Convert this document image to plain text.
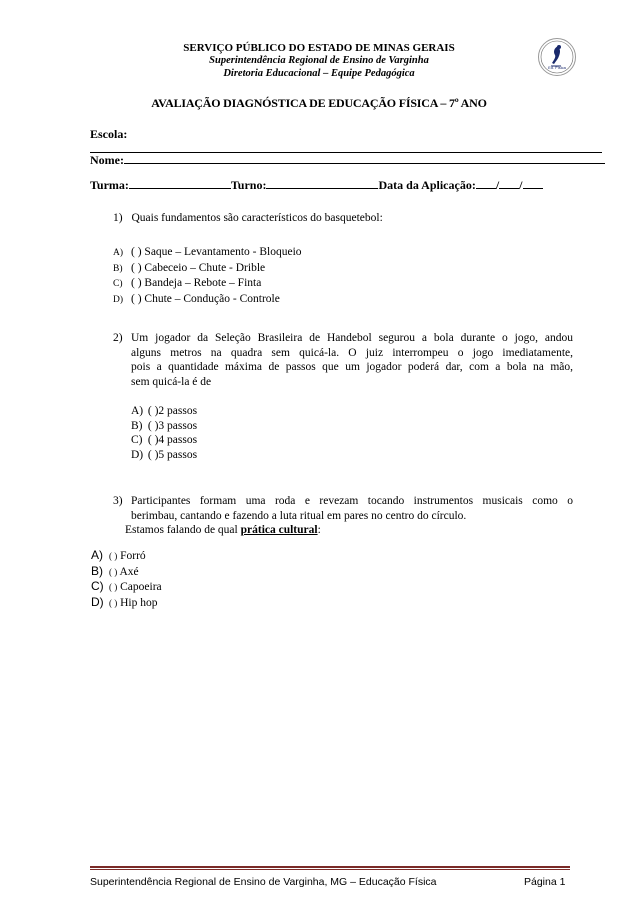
SERVIÇO PÚBLICO DO ESTADO DE MINAS GERAIS
Superintendência Regional de Ensino de Varginha
Diretoria Educacional – Equipe Pedagógica
Ed. Física
AVALIAÇÃO DIAGNÓSTICA DE EDUCAÇÃO FÍSICA – 7º ANO
Escola:
Nome:
Turma:	Turno:	Data da Aplicação: / /
1) Quais fundamentos são característicos do basquetebol:
A) ( ) Saque – Levantamento - Bloqueio
B) ( ) Cabeceio – Chute - Drible
C) ( ) Bandeja – Rebote – Finta
D) ( ) Chute – Condução - Controle
2) Um jogador da Seleção Brasileira de Handebol segurou a bola durante o jogo, andou
alguns metros na quadra sem quicá-la. O juiz interrompeu o jogo imediatamente,
pois a quantidade máxima de passos que um jogador poderá dar, com a bola na mão,
sem quicá-la é de
A) ( )2 passos
B) ( )3 passos
C) ( )4 passos
D) ( )5 passos
3) Participantes formam uma roda e revezam tocando instrumentos musicais como o
berimbau, cantando e fazendo a luta ritual em pares no centro do círculo.
Estamos falando de qual prática cultural:
A) ( ) Forró
B) ( ) Axé
C) ( ) Capoeira
D) ( ) Hip hop
Superintendência Regional de Ensino de Varginha, MG – Educação Física	Página 1
